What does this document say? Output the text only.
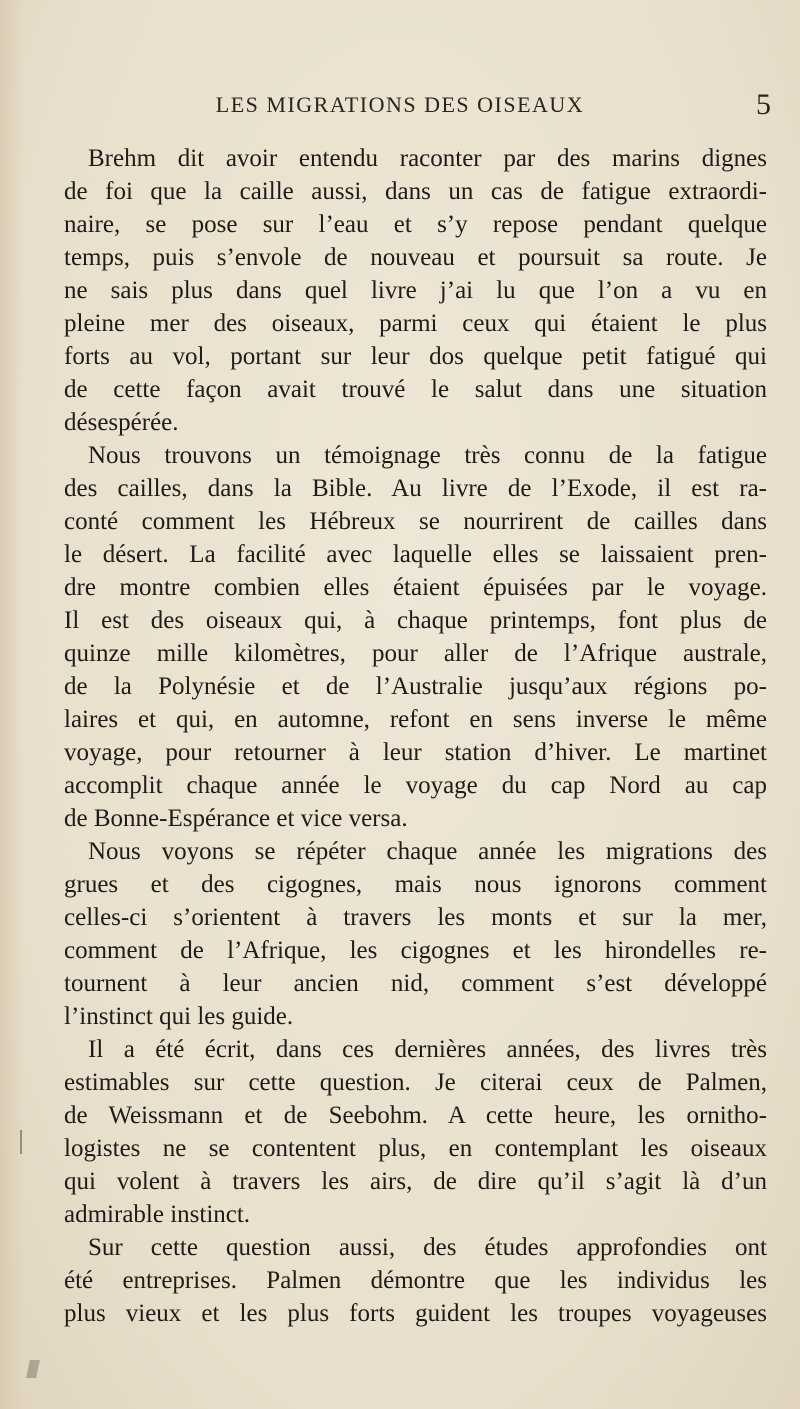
LES MIGRATIONS DES OISEAUX	5
Brehm dit avoir entendu raconter par des marins dignes
de foi que la caille aussi, dans un cas de fatigue extraordi-
naire, se pose sur l’eau et s’y repose pendant quelque
temps, puis s’envole de nouveau et poursuit sa route. Je
ne sais plus dans quel livre j’ai lu que l’on a vu en
pleine mer des oiseaux, parmi ceux qui étaient le plus
forts au vol, portant sur leur dos quelque petit fatigué qui
de cette façon avait trouvé le salut dans une situation
désespérée.
Nous trouvons un témoignage très connu de la fatigue
des cailles, dans la Bible. Au livre de l’Exode, il est ra-
conté comment les Hébreux se nourrirent de cailles dans
le désert. La facilité avec laquelle elles se laissaient pren-
dre montre combien elles étaient épuisées par le voyage.
Il est des oiseaux qui, à chaque printemps, font plus de
quinze mille kilomètres, pour aller de l’Afrique australe,
de la Polynésie et de l’Australie jusqu’aux régions po-
laires et qui, en automne, refont en sens inverse le même
voyage, pour retourner à leur station d’hiver. Le martinet
accomplit chaque année le voyage du cap Nord au cap
de Bonne-Espérance et vice versa.
Nous voyons se répéter chaque année les migrations des
grues et des cigognes, mais nous ignorons comment
celles-ci s’orientent à travers les monts et sur la mer,
comment de l’Afrique, les cigognes et les hirondelles re-
tournent à leur ancien nid, comment s’est développé
l’instinct qui les guide.
Il a été écrit, dans ces dernières années, des livres très
estimables sur cette question. Je citerai ceux de Palmen,
de Weissmann et de Seebohm. A cette heure, les ornitho-
logistes ne se contentent plus, en contemplant les oiseaux
qui volent à travers les airs, de dire qu’il s’agit là d’un
admirable instinct.
Sur cette question aussi, des études approfondies ont
été entreprises. Palmen démontre que les individus les
plus vieux et les plus forts guident les troupes voyageuses
